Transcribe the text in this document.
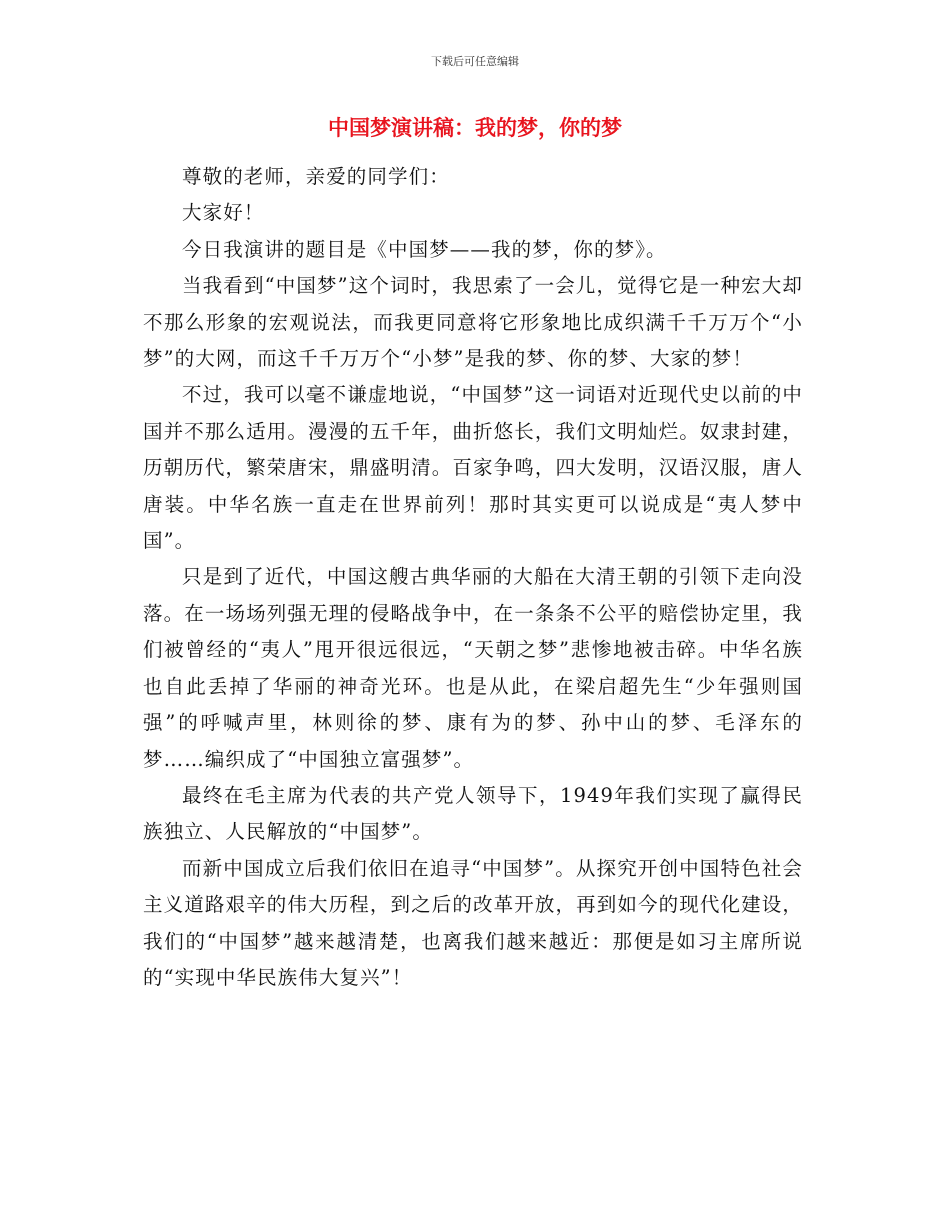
下载后可任意编辑
中国梦演讲稿：我的梦，你的梦

尊敬的老师，亲爱的同学们：

大家好！

今日我演讲的题目是《中国梦——我的梦，你的梦》。

当我看到“中国梦”这个词时，我思索了一会儿，觉得它是一种宏大却不那么形象的宏观说法，而我更同意将它形象地比成织满千千万万个“小梦”的大网，而这千千万万个“小梦”是我的梦、你的梦、大家的梦！

不过，我可以毫不谦虚地说，“中国梦”这一词语对近现代史以前的中国并不那么适用。漫漫的五千年，曲折悠长，我们文明灿烂。奴隶封建，历朝历代，繁荣唐宋，鼎盛明清。百家争鸣，四大发明，汉语汉服，唐人唐装。中华名族一直走在世界前列！那时其实更可以说成是“夷人梦中国”。

只是到了近代，中国这艘古典华丽的大船在大清王朝的引领下走向没落。在一场场列强无理的侵略战争中，在一条条不公平的赔偿协定里，我们被曾经的“夷人”甩开很远很远，“天朝之梦”悲惨地被击碎。中华名族也自此丢掉了华丽的神奇光环。也是从此，在梁启超先生“少年强则国强”的呼喊声里，林则徐的梦、康有为的梦、孙中山的梦、毛泽东的梦……编织成了“中国独立富强梦”。

最终在毛主席为代表的共产党人领导下，1949年我们实现了赢得民族独立、人民解放的“中国梦”。

而新中国成立后我们依旧在追寻“中国梦”。从探究开创中国特色社会主义道路艰辛的伟大历程，到之后的改革开放，再到如今的现代化建设，我们的“中国梦”越来越清楚，也离我们越来越近：那便是如习主席所说的“实现中华民族伟大复兴”！
